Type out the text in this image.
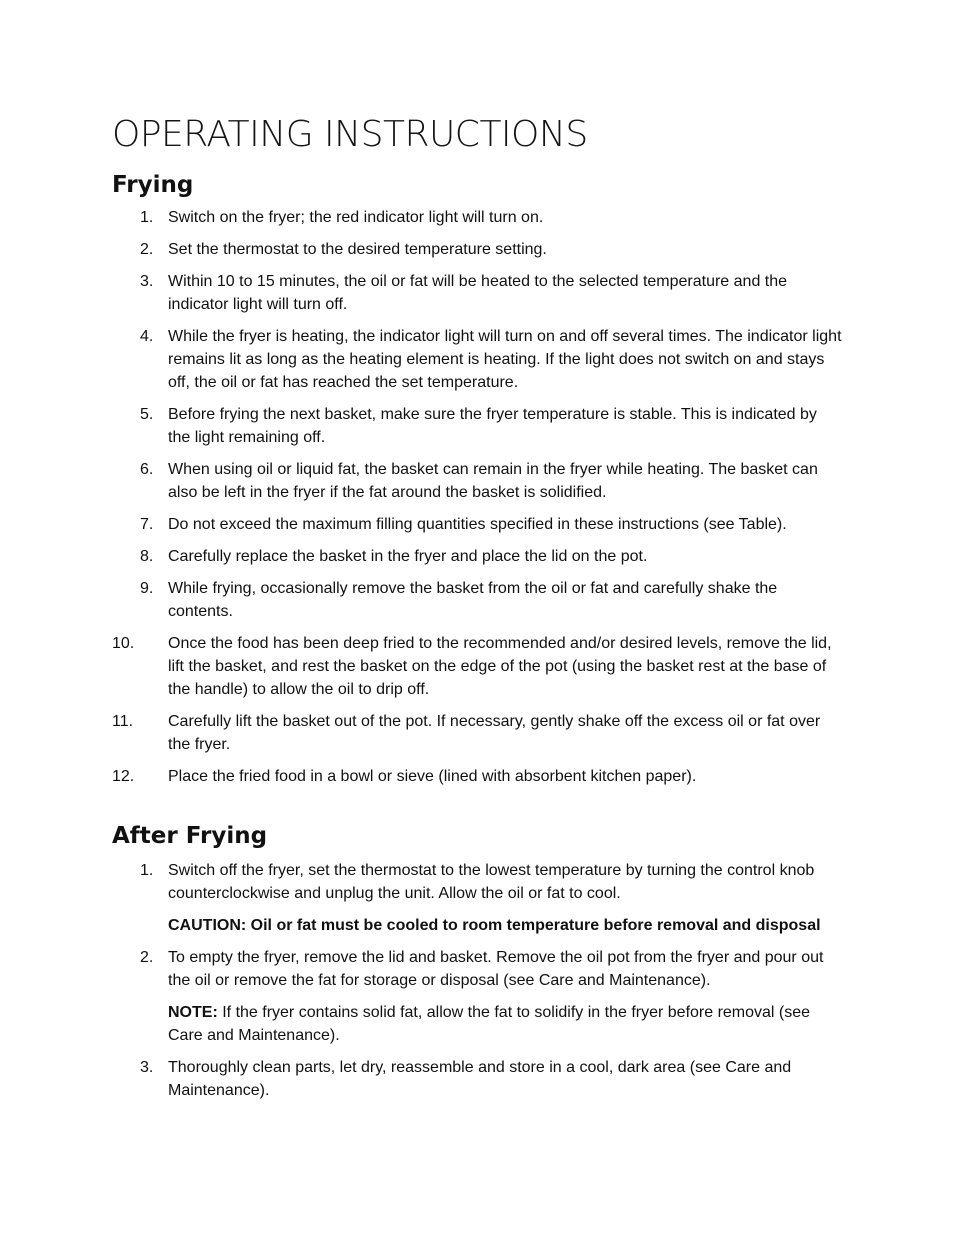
OPERATING INSTRUCTIONS
Frying
1. Switch on the fryer; the red indicator light will turn on.
2. Set the thermostat to the desired temperature setting.
3. Within 10 to 15 minutes, the oil or fat will be heated to the selected temperature and the indicator light will turn off.
4. While the fryer is heating, the indicator light will turn on and off several times. The indicator light remains lit as long as the heating element is heating. If the light does not switch on and stays off, the oil or fat has reached the set temperature.
5. Before frying the next basket, make sure the fryer temperature is stable. This is indicated by the light remaining off.
6. When using oil or liquid fat, the basket can remain in the fryer while heating. The basket can also be left in the fryer if the fat around the basket is solidified.
7. Do not exceed the maximum filling quantities specified in these instructions (see Table).
8. Carefully replace the basket in the fryer and place the lid on the pot.
9. While frying, occasionally remove the basket from the oil or fat and carefully shake the contents.
10. Once the food has been deep fried to the recommended and/or desired levels, remove the lid, lift the basket, and rest the basket on the edge of the pot (using the basket rest at the base of the handle) to allow the oil to drip off.
11. Carefully lift the basket out of the pot. If necessary, gently shake off the excess oil or fat over the fryer.
12. Place the fried food in a bowl or sieve (lined with absorbent kitchen paper).
After Frying
1. Switch off the fryer, set the thermostat to the lowest temperature by turning the control knob counterclockwise and unplug the unit. Allow the oil or fat to cool.

CAUTION: Oil or fat must be cooled to room temperature before removal and disposal

2. To empty the fryer, remove the lid and basket. Remove the oil pot from the fryer and pour out the oil or remove the fat for storage or disposal (see Care and Maintenance).

NOTE: If the fryer contains solid fat, allow the fat to solidify in the fryer before removal (see Care and Maintenance).

3. Thoroughly clean parts, let dry, reassemble and store in a cool, dark area (see Care and Maintenance).
